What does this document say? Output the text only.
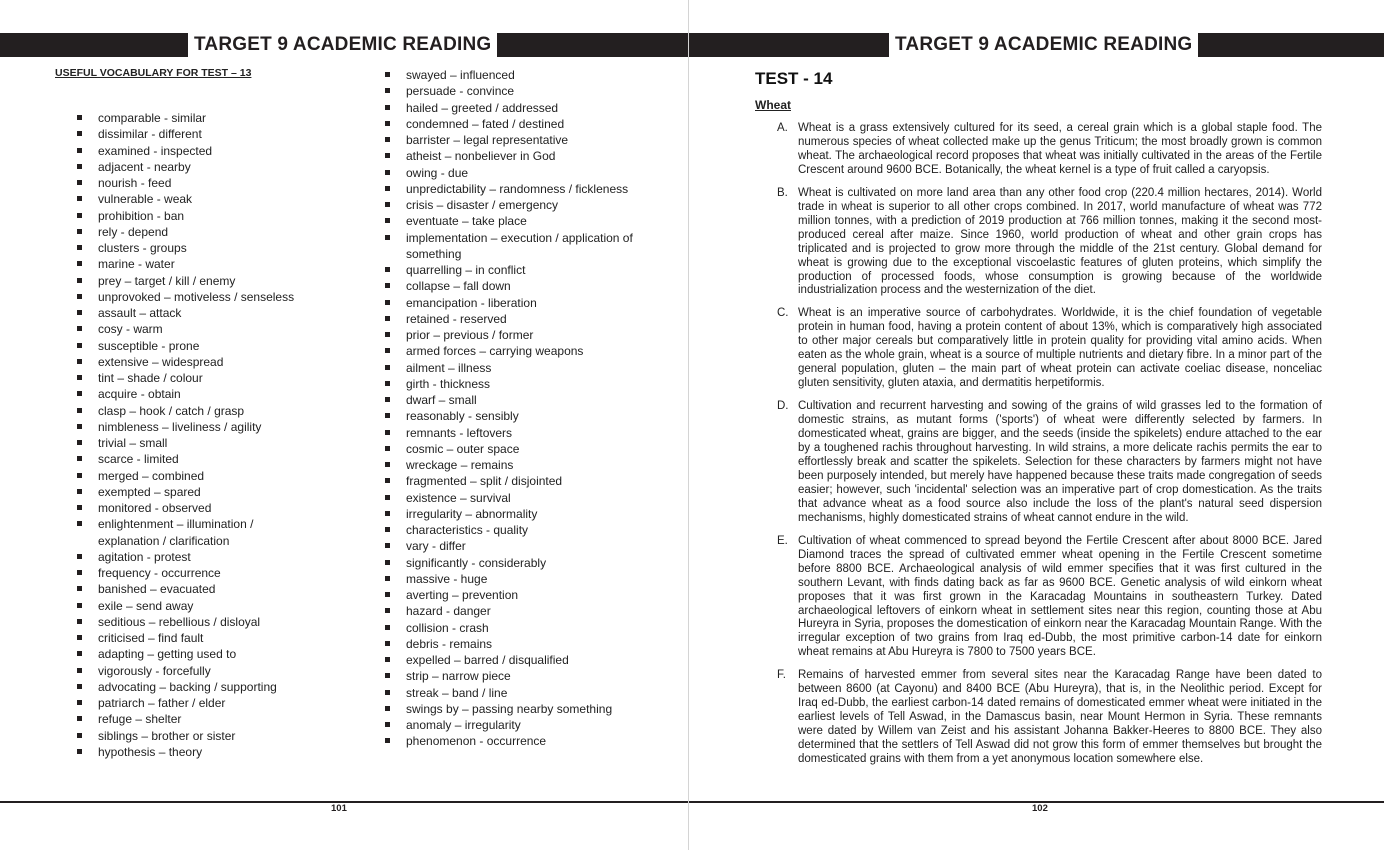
TARGET 9 ACADEMIC READING
USEFUL VOCABULARY FOR TEST – 13
comparable - similar
dissimilar - different
examined - inspected
adjacent - nearby
nourish - feed
vulnerable - weak
prohibition - ban
rely - depend
clusters - groups
marine - water
prey – target / kill / enemy
unprovoked – motiveless / senseless
assault – attack
cosy - warm
susceptible - prone
extensive – widespread
tint – shade / colour
acquire - obtain
clasp – hook / catch / grasp
nimbleness – liveliness / agility
trivial – small
scarce - limited
merged – combined
exempted – spared
monitored - observed
enlightenment – illumination / explanation / clarification
agitation - protest
frequency - occurrence
banished – evacuated
exile – send away
seditious – rebellious / disloyal
criticised – find fault
adapting – getting used to
vigorously - forcefully
advocating – backing / supporting
patriarch – father / elder
refuge – shelter
siblings – brother or sister
hypothesis – theory
swayed – influenced
persuade - convince
hailed – greeted / addressed
condemned – fated / destined
barrister – legal representative
atheist – nonbeliever in God
owing - due
unpredictability – randomness / fickleness
crisis – disaster / emergency
eventuate – take place
implementation – execution / application of something
quarrelling – in conflict
collapse – fall down
emancipation - liberation
retained - reserved
prior – previous / former
armed forces – carrying weapons
ailment – illness
girth - thickness
dwarf – small
reasonably - sensibly
remnants - leftovers
cosmic – outer space
wreckage – remains
fragmented – split / disjointed
existence – survival
irregularity – abnormality
characteristics - quality
vary - differ
significantly - considerably
massive - huge
averting – prevention
hazard - danger
collision - crash
debris - remains
expelled – barred / disqualified
strip – narrow piece
streak – band / line
swings by – passing nearby something
anomaly – irregularity
phenomenon - occurrence
101
TARGET 9 ACADEMIC READING
TEST - 14
Wheat
A. Wheat is a grass extensively cultured for its seed, a cereal grain which is a global staple food. The numerous species of wheat collected make up the genus Triticum; the most broadly grown is common wheat. The archaeological record proposes that wheat was initially cultivated in the areas of the Fertile Crescent around 9600 BCE. Botanically, the wheat kernel is a type of fruit called a caryopsis.
B. Wheat is cultivated on more land area than any other food crop (220.4 million hectares, 2014). World trade in wheat is superior to all other crops combined. In 2017, world manufacture of wheat was 772 million tonnes, with a prediction of 2019 production at 766 million tonnes, making it the second most-produced cereal after maize. Since 1960, world production of wheat and other grain crops has triplicated and is projected to grow more through the middle of the 21st century. Global demand for wheat is growing due to the exceptional viscoelastic features of gluten proteins, which simplify the production of processed foods, whose consumption is growing because of the worldwide industrialization process and the westernization of the diet.
C. Wheat is an imperative source of carbohydrates. Worldwide, it is the chief foundation of vegetable protein in human food, having a protein content of about 13%, which is comparatively high associated to other major cereals but comparatively little in protein quality for providing vital amino acids. When eaten as the whole grain, wheat is a source of multiple nutrients and dietary fibre. In a minor part of the general population, gluten – the main part of wheat protein can activate coeliac disease, nonceliac gluten sensitivity, gluten ataxia, and dermatitis herpetiformis.
D. Cultivation and recurrent harvesting and sowing of the grains of wild grasses led to the formation of domestic strains, as mutant forms ('sports') of wheat were differently selected by farmers. In domesticated wheat, grains are bigger, and the seeds (inside the spikelets) endure attached to the ear by a toughened rachis throughout harvesting. In wild strains, a more delicate rachis permits the ear to effortlessly break and scatter the spikelets. Selection for these characters by farmers might not have been purposely intended, but merely have happened because these traits made congregation of seeds easier; however, such 'incidental' selection was an imperative part of crop domestication. As the traits that advance wheat as a food source also include the loss of the plant's natural seed dispersion mechanisms, highly domesticated strains of wheat cannot endure in the wild.
E. Cultivation of wheat commenced to spread beyond the Fertile Crescent after about 8000 BCE. Jared Diamond traces the spread of cultivated emmer wheat opening in the Fertile Crescent sometime before 8800 BCE. Archaeological analysis of wild emmer specifies that it was first cultured in the southern Levant, with finds dating back as far as 9600 BCE. Genetic analysis of wild einkorn wheat proposes that it was first grown in the Karacadag Mountains in southeastern Turkey. Dated archaeological leftovers of einkorn wheat in settlement sites near this region, counting those at Abu Hureyra in Syria, proposes the domestication of einkorn near the Karacadag Mountain Range. With the irregular exception of two grains from Iraq ed-Dubb, the most primitive carbon-14 date for einkorn wheat remains at Abu Hureyra is 7800 to 7500 years BCE.
F.	Remains of harvested emmer from several sites near the Karacadag Range have been dated to between 8600 (at Cayonu) and 8400 BCE (Abu Hureyra), that is, in the Neolithic period. Except for Iraq ed-Dubb, the earliest carbon-14 dated remains of domesticated emmer wheat were initiated in the earliest levels of Tell Aswad, in the Damascus basin, near Mount Hermon in Syria. These remnants were dated by Willem van Zeist and his assistant Johanna Bakker-Heeres to 8800 BCE. They also determined that the settlers of Tell Aswad did not grow this form of emmer themselves but brought the domesticated grains with them from a yet anonymous location somewhere else.
102
